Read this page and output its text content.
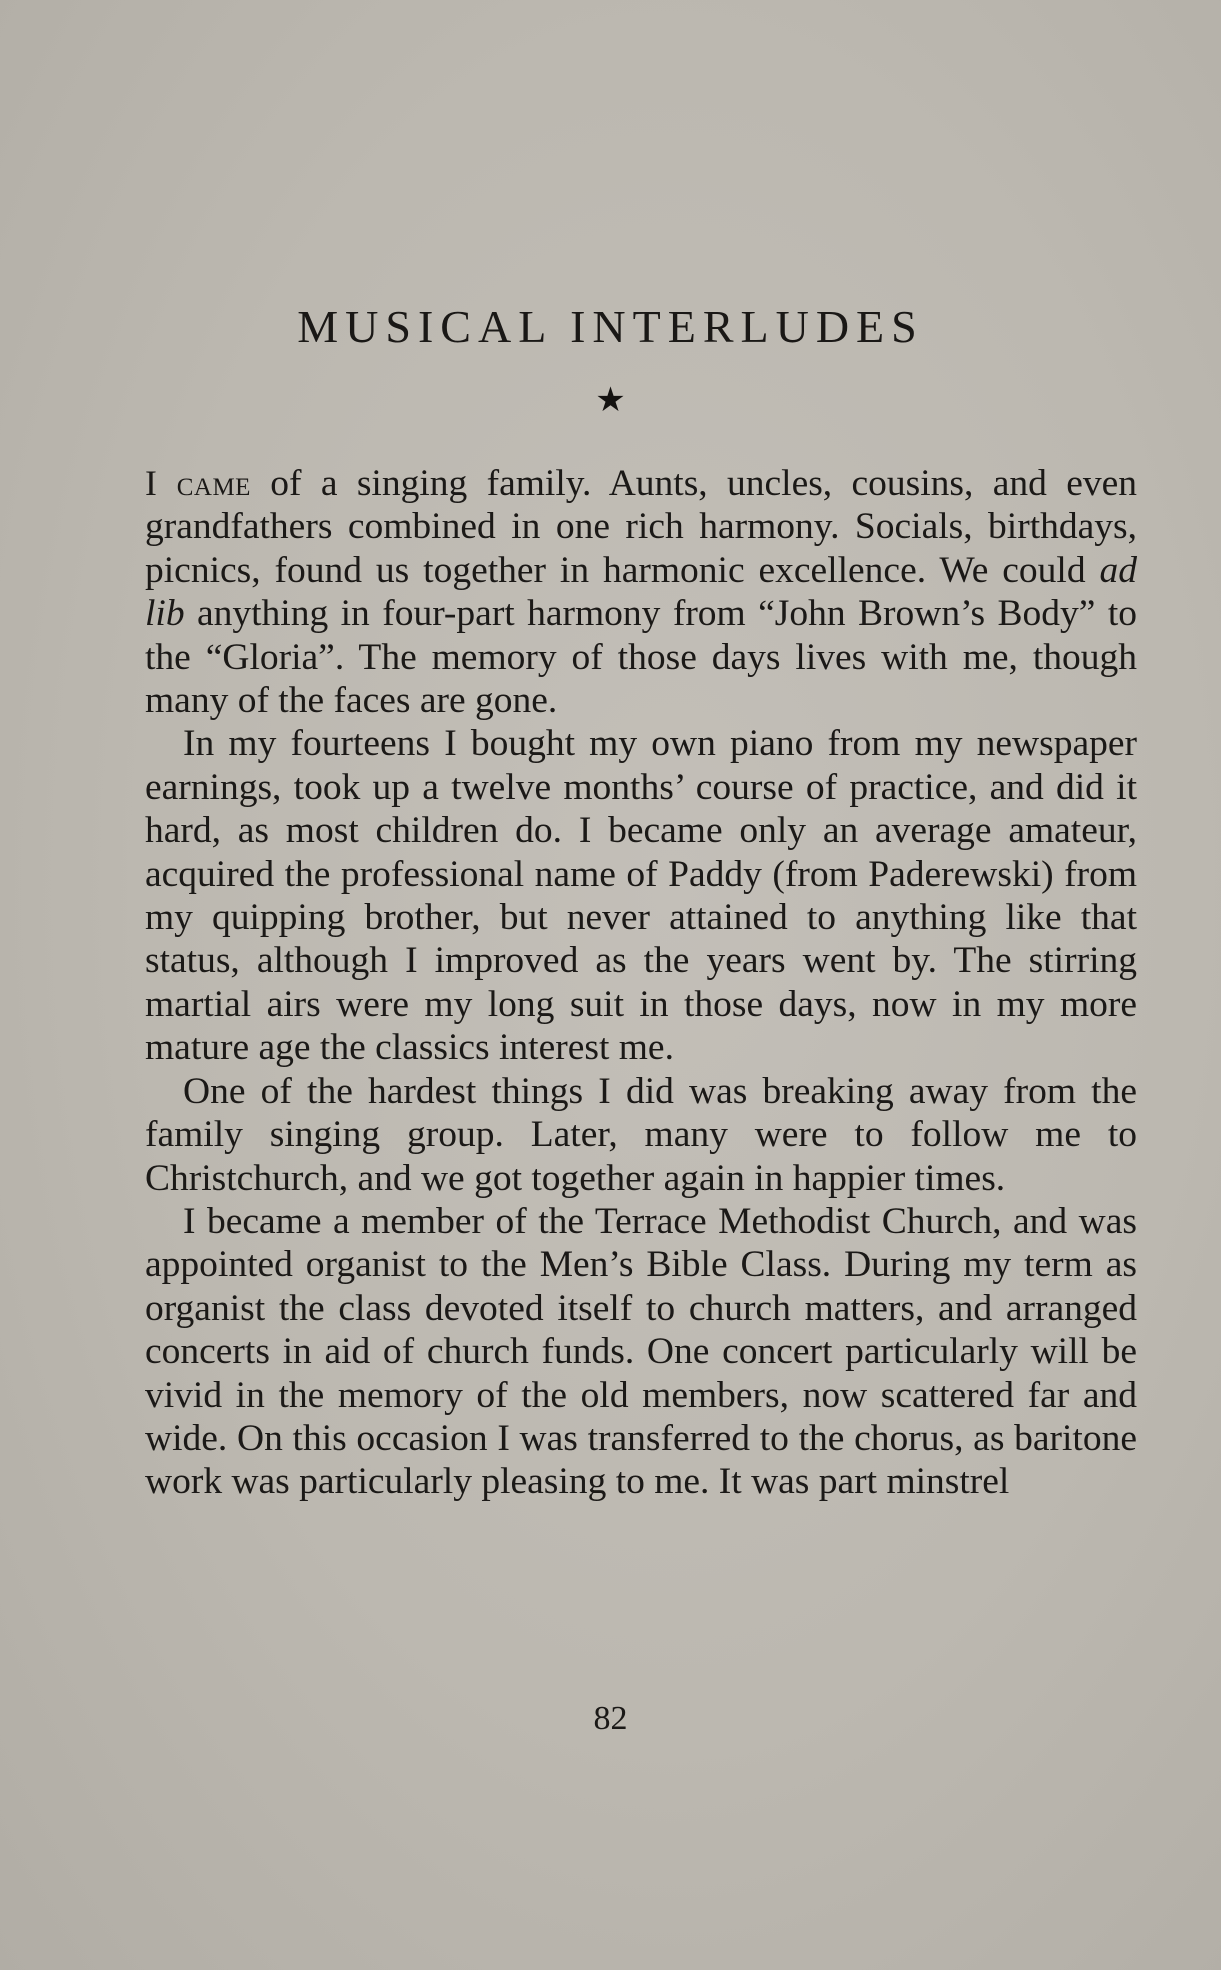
MUSICAL INTERLUDES
★

I came of a singing family. Aunts, uncles, cousins, and even grandfathers combined in one rich harmony. Socials, birthdays, picnics, found us together in harmonic excellence. We could ad lib anything in four-part harmony from “John Brown’s Body” to the “Gloria”. The memory of those days lives with me, though many of the faces are gone.

In my fourteens I bought my own piano from my newspaper earnings, took up a twelve months’ course of practice, and did it hard, as most children do. I became only an average amateur, acquired the professional name of Paddy (from Paderewski) from my quipping brother, but never attained to anything like that status, although I improved as the years went by. The stirring martial airs were my long suit in those days, now in my more mature age the classics interest me.

One of the hardest things I did was breaking away from the family singing group. Later, many were to follow me to Christchurch, and we got together again in happier times.

I became a member of the Terrace Methodist Church, and was appointed organist to the Men’s Bible Class. During my term as organist the class devoted itself to church matters, and arranged concerts in aid of church funds. One concert particularly will be vivid in the memory of the old members, now scattered far and wide. On this occasion I was transferred to the chorus, as baritone work was particularly pleasing to me. It was part minstrel

82
